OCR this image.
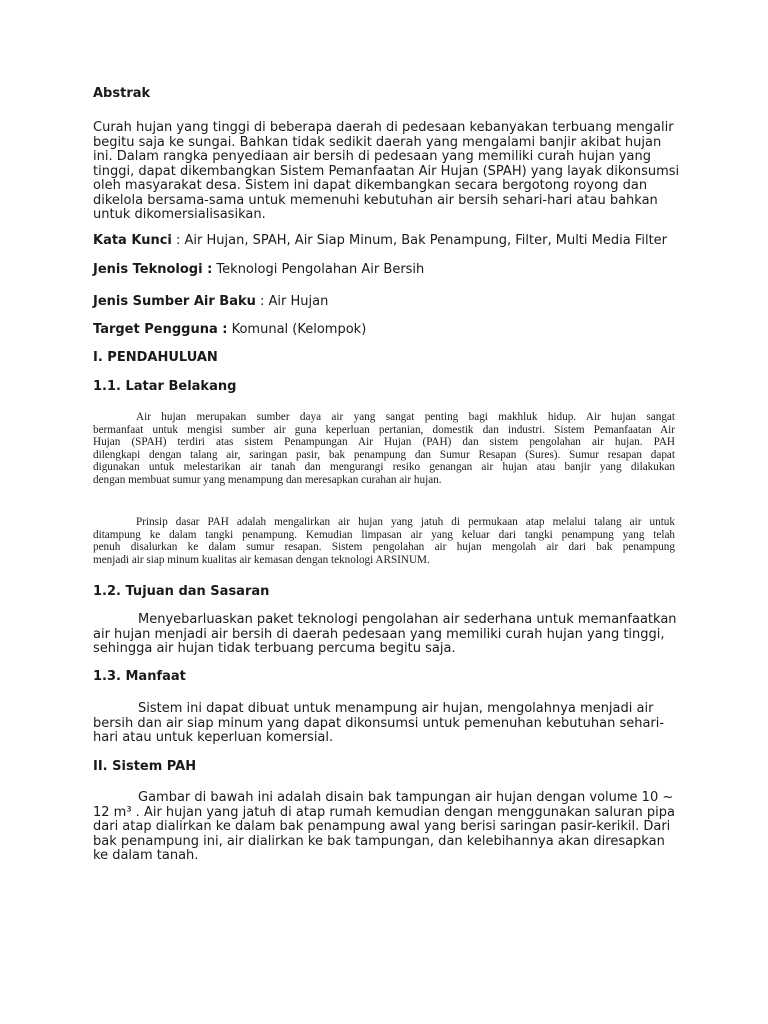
Abstrak

Curah hujan yang tinggi di beberapa daerah di pedesaan kebanyakan terbuang mengalir
begitu saja ke sungai. Bahkan tidak sedikit daerah yang mengalami banjir akibat hujan
ini. Dalam rangka penyediaan air bersih di pedesaan yang memiliki curah hujan yang
tinggi, dapat dikembangkan Sistem Pemanfaatan Air Hujan (SPAH) yang layak dikonsumsi
oleh masyarakat desa. Sistem ini dapat dikembangkan secara bergotong royong dan
dikelola bersama-sama untuk memenuhi kebutuhan air bersih sehari-hari atau bahkan
untuk dikomersialisasikan.

Kata Kunci : Air Hujan, SPAH, Air Siap Minum, Bak Penampung, Filter, Multi Media Filter

Jenis Teknologi : Teknologi Pengolahan Air Bersih

Jenis Sumber Air Baku : Air Hujan

Target Pengguna : Komunal (Kelompok)

I. PENDAHULUAN

1.1. Latar Belakang

Air hujan merupakan sumber daya air yang sangat penting bagi makhluk hidup. Air hujan sangat
bermanfaat untuk mengisi sumber air guna keperluan pertanian, domestik dan industri. Sistem Pemanfaatan Air
Hujan (SPAH) terdiri atas sistem Penampungan Air Hujan (PAH) dan sistem pengolahan air hujan. PAH
dilengkapi dengan talang air, saringan pasir, bak penampung dan Sumur Resapan (Sures). Sumur resapan dapat
digunakan untuk melestarikan air tanah dan mengurangi resiko genangan air hujan atau banjir yang dilakukan
dengan membuat sumur yang menampung dan meresapkan curahan air hujan.
Prinsip dasar PAH adalah mengalirkan air hujan yang jatuh di permukaan atap melalui talang air untuk
ditampung ke dalam tangki penampung. Kemudian limpasan air yang keluar dari tangki penampung yang telah
penuh disalurkan ke dalam sumur resapan. Sistem pengolahan air hujan mengolah air dari bak penampung
menjadi air siap minum kualitas air kemasan dengan teknologi ARSINUM.

1.2. Tujuan dan Sasaran

Menyebarluaskan paket teknologi pengolahan air sederhana untuk memanfaatkan
air hujan menjadi air bersih di daerah pedesaan yang memiliki curah hujan yang tinggi,
sehingga air hujan tidak terbuang percuma begitu saja.

1.3. Manfaat

Sistem ini dapat dibuat untuk menampung air hujan, mengolahnya menjadi air
bersih dan air siap minum yang dapat dikonsumsi untuk pemenuhan kebutuhan sehari-
hari atau untuk keperluan komersial.

II. Sistem PAH

Gambar di bawah ini adalah disain bak tampungan air hujan dengan volume 10 ~
12 m³ . Air hujan yang jatuh di atap rumah kemudian dengan menggunakan saluran pipa
dari atap dialirkan ke dalam bak penampung awal yang berisi saringan pasir-kerikil. Dari
bak penampung ini, air dialirkan ke bak tampungan, dan kelebihannya akan diresapkan
ke dalam tanah.
